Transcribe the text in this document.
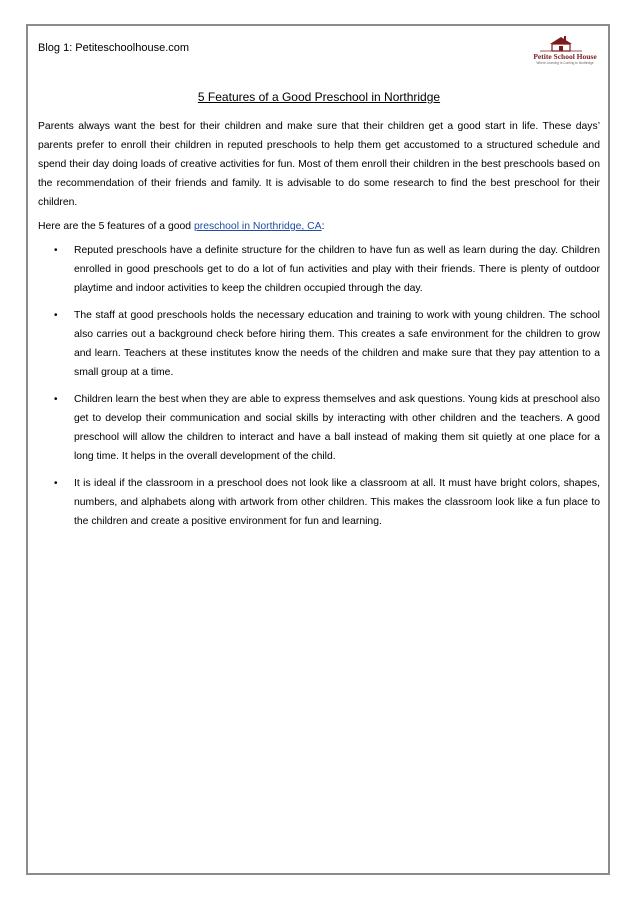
Blog 1: Petiteschoolhouse.com
Petite School House
Where Learning Is Coming to Northridge
5 Features of a Good Preschool in Northridge

Parents always want the best for their children and make sure that their children get a good start in life. These days’ parents prefer to enroll their children in reputed preschools to help them get accustomed to a structured schedule and spend their day doing loads of creative activities for fun. Most of them enroll their children in the best preschools based on the recommendation of their friends and family. It is advisable to do some research to find the best preschool for their children.

Here are the 5 features of a good preschool in Northridge, CA:

• Reputed preschools have a definite structure for the children to have fun as well as learn during the day. Children enrolled in good preschools get to do a lot of fun activities and play with their friends. There is plenty of outdoor playtime and indoor activities to keep the children occupied through the day.
• The staff at good preschools holds the necessary education and training to work with young children. The school also carries out a background check before hiring them. This creates a safe environment for the children to grow and learn. Teachers at these institutes know the needs of the children and make sure that they pay attention to a small group at a time.
• Children learn the best when they are able to express themselves and ask questions. Young kids at preschool also get to develop their communication and social skills by interacting with other children and the teachers. A good preschool will allow the children to interact and have a ball instead of making them sit quietly at one place for a long time. It helps in the overall development of the child.
• It is ideal if the classroom in a preschool does not look like a classroom at all. It must have bright colors, shapes, numbers, and alphabets along with artwork from other children. This makes the classroom look like a fun place to the children and create a positive environment for fun and learning.
